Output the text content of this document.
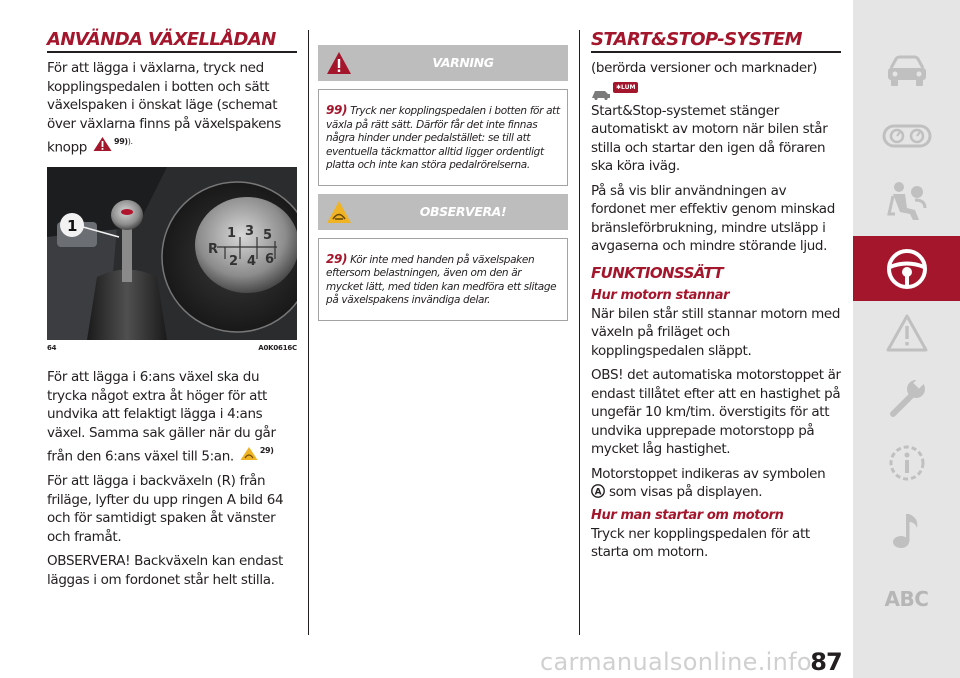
ANVÄNDA VÄXELLÅDAN
För att lägga i växlarna, tryck ned kopplingspedalen i botten och sätt växelspaken i önskat läge (schemat över växlarna finns på växelspakens knopp	99) ).
1 3 5
R
2 4 6
1
64	A0K0616C
För att lägga i 6:ans växel ska du trycka något extra åt höger för att undvika att felaktigt lägga i 4:ans växel. Samma sak gäller när du går från den 6:ans växel till 5:an.	29)
För att lägga i backväxeln (R) från friläge, lyfter du upp ringen A bild 64 och för samtidigt spaken åt vänster och framåt.
OBSERVERA! Backväxeln kan endast läggas i om fordonet står helt stilla.
VARNING

99) Tryck ner kopplingspedalen i botten för att växla på rätt sätt. Därför får det inte finnas några hinder under pedalstället: se till att eventuella täckmattor alltid ligger ordentligt platta och inte kan störa pedalrörelserna.

OBSERVERA!

29) Kör inte med handen på växelspaken eftersom belastningen, även om den är mycket lätt, med tiden kan medföra ett slitage på växelspakens invändiga delar.

START&STOP-SYSTEM
(berörda versioner och marknader)
✱LUM
Start&Stop-systemet stänger automatiskt av motorn när bilen står stilla och startar den igen då föraren ska köra iväg.
På så vis blir användningen av fordonet mer effektiv genom minskad bränsleförbrukning, mindre utsläpp i avgaserna och mindre störande ljud.
FUNKTIONSSÄTT
Hur motorn stannar
När bilen står still stannar motorn med växeln på friläget och kopplingspedalen släppt.
OBS! det automatiska motorstoppet är endast tillåtet efter att en hastighet på ungefär 10 km/tim. överstigits för att undvika upprepade motorstopp på mycket låg hastighet.
Motorstoppet indikeras av symbolen

A som visas på displayen.
Hur man startar om motorn
Tryck ner kopplingspedalen för att starta om motorn.
ABC
carmanualsonline.info
87
